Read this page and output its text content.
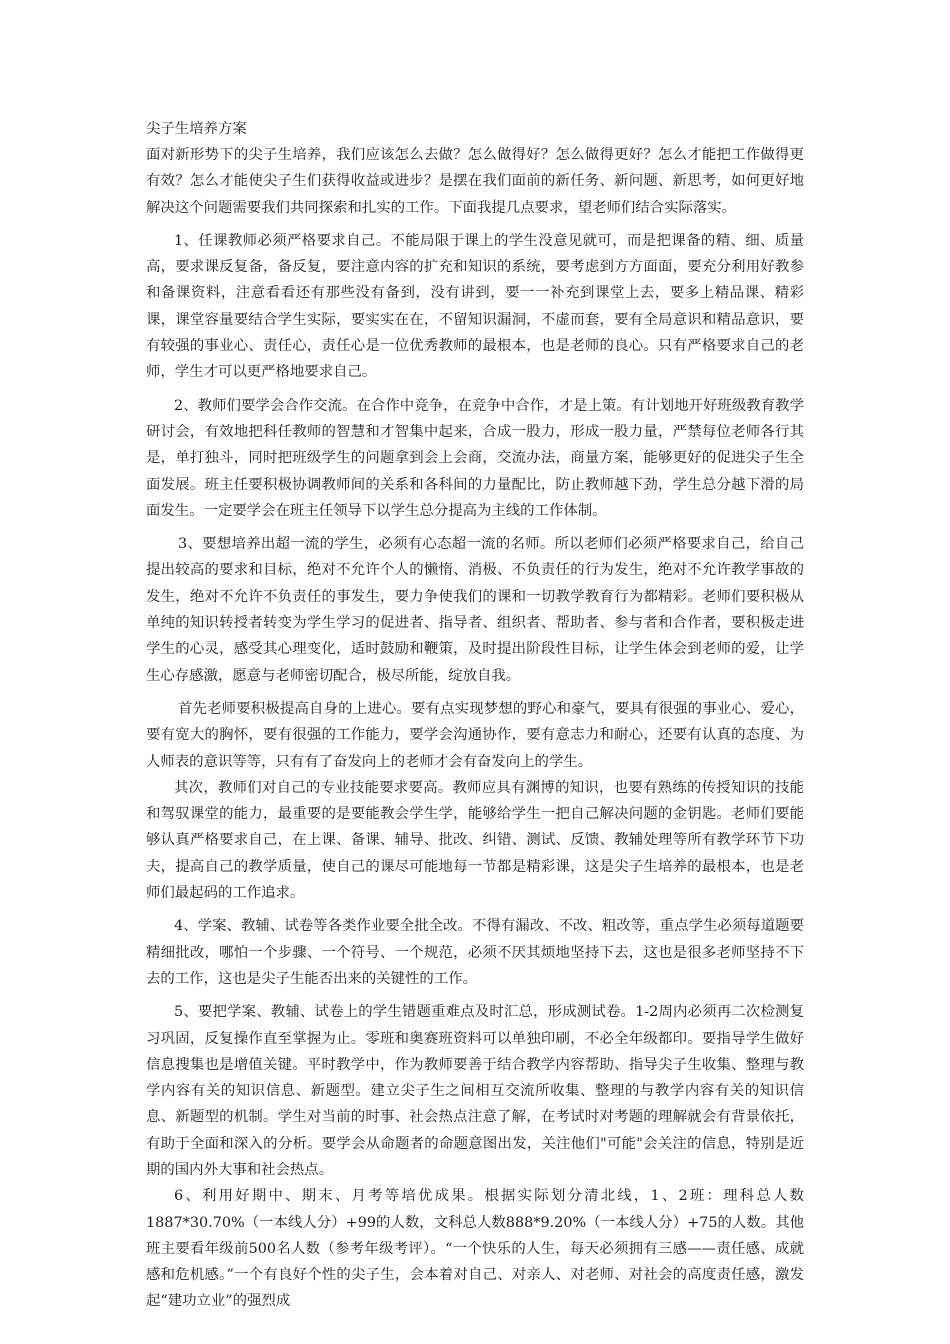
尖子生培养方案

面对新形势下的尖子生培养，我们应该怎么去做？怎么做得好？怎么做得更好？怎么才能把工作做得更有效？怎么才能使尖子生们获得收益或进步？是摆在我们面前的新任务、新问题、新思考，如何更好地解决这个问题需要我们共同探索和扎实的工作。下面我提几点要求，望老师们结合实际落实。

1、任课教师必须严格要求自己。不能局限于课上的学生没意见就可，而是把课备的精、细、质量高，要求课反复备，备反复，要注意内容的扩充和知识的系统，要考虑到方方面面，要充分利用好教参和备课资料，注意看看还有那些没有备到，没有讲到，要一一补充到课堂上去，要多上精品课、精彩课，课堂容量要结合学生实际，要实实在在，不留知识漏洞，不虚而套，要有全局意识和精品意识，要有较强的事业心、责任心，责任心是一位优秀教师的最根本，也是老师的良心。只有严格要求自己的老师，学生才可以更严格地要求自己。

2、教师们要学会合作交流。在合作中竞争，在竞争中合作，才是上策。有计划地开好班级教育教学研讨会，有效地把科任教师的智慧和才智集中起来，合成一股力，形成一股力量，严禁每位老师各行其是，单打独斗，同时把班级学生的问题拿到会上会商，交流办法，商量方案，能够更好的促进尖子生全面发展。班主任要积极协调教师间的关系和各科间的力量配比，防止教师越下劲，学生总分越下滑的局面发生。一定要学会在班主任领导下以学生总分提高为主线的工作体制。

3、要想培养出超一流的学生，必须有心态超一流的名师。所以老师们必须严格要求自己，给自己提出较高的要求和目标，绝对不允许个人的懒惰、消极、不负责任的行为发生，绝对不允许教学事故的发生，绝对不允许不负责任的事发生，要力争使我们的课和一切教学教育行为都精彩。老师们要积极从单纯的知识转授者转变为学生学习的促进者、指导者、组织者、帮助者、参与者和合作者，要积极走进学生的心灵，感受其心理变化，适时鼓励和鞭策，及时提出阶段性目标，让学生体会到老师的爱，让学生心存感激，愿意与老师密切配合，极尽所能，绽放自我。

首先老师要积极提高自身的上进心。要有点实现梦想的野心和豪气，要具有很强的事业心、爱心，要有宽大的胸怀，要有很强的工作能力，要学会沟通协作，要有意志力和耐心，还要有认真的态度、为人师表的意识等等，只有有了奋发向上的老师才会有奋发向上的学生。

其次，教师们对自己的专业技能要求要高。教师应具有渊博的知识，也要有熟练的传授知识的技能和驾驭课堂的能力，最重要的是要能教会学生学，能够给学生一把自己解决问题的金钥匙。老师们要能够认真严格要求自己，在上课、备课、辅导、批改、纠错、测试、反馈、教辅处理等所有教学环节下功夫，提高自己的教学质量，使自己的课尽可能地每一节都是精彩课，这是尖子生培养的最根本，也是老师们最起码的工作追求。

4、学案、教辅、试卷等各类作业要全批全改。不得有漏改、不改、粗改等，重点学生必须每道题要精细批改，哪怕一个步骤、一个符号、一个规范，必须不厌其烦地坚持下去，这也是很多老师坚持不下去的工作，这也是尖子生能否出来的关键性的工作。

5、要把学案、教辅、试卷上的学生错题重难点及时汇总，形成测试卷。1-2周内必须再二次检测复习巩固，反复操作直至掌握为止。零班和奥赛班资料可以单独印刷，不必全年级都印。要指导学生做好信息搜集也是增值关键。平时教学中，作为教师要善于结合教学内容帮助、指导尖子生收集、整理与教学内容有关的知识信息、新题型。建立尖子生之间相互交流所收集、整理的与教学内容有关的知识信息、新题型的机制。学生对当前的时事、社会热点注意了解，在考试时对考题的理解就会有背景依托，有助于全面和深入的分析。要学会从命题者的命题意图出发，关注他们"可能"会关注的信息，特别是近期的国内外大事和社会热点。

6、利用好期中、期末、月考等培优成果。根据实际划分清北线，1、2班：理科总人数1887*30.70%（一本线人分）+99的人数，文科总人数888*9.20%（一本线人分）+75的人数。其他班主要看年级前500名人数（参考年级考评）。“一个快乐的人生，每天必须拥有三感——责任感、成就感和危机感。”一个有良好个性的尖子生，会本着对自己、对亲人、对老师、对社会的高度责任感，激发起“建功立业”的强烈成
